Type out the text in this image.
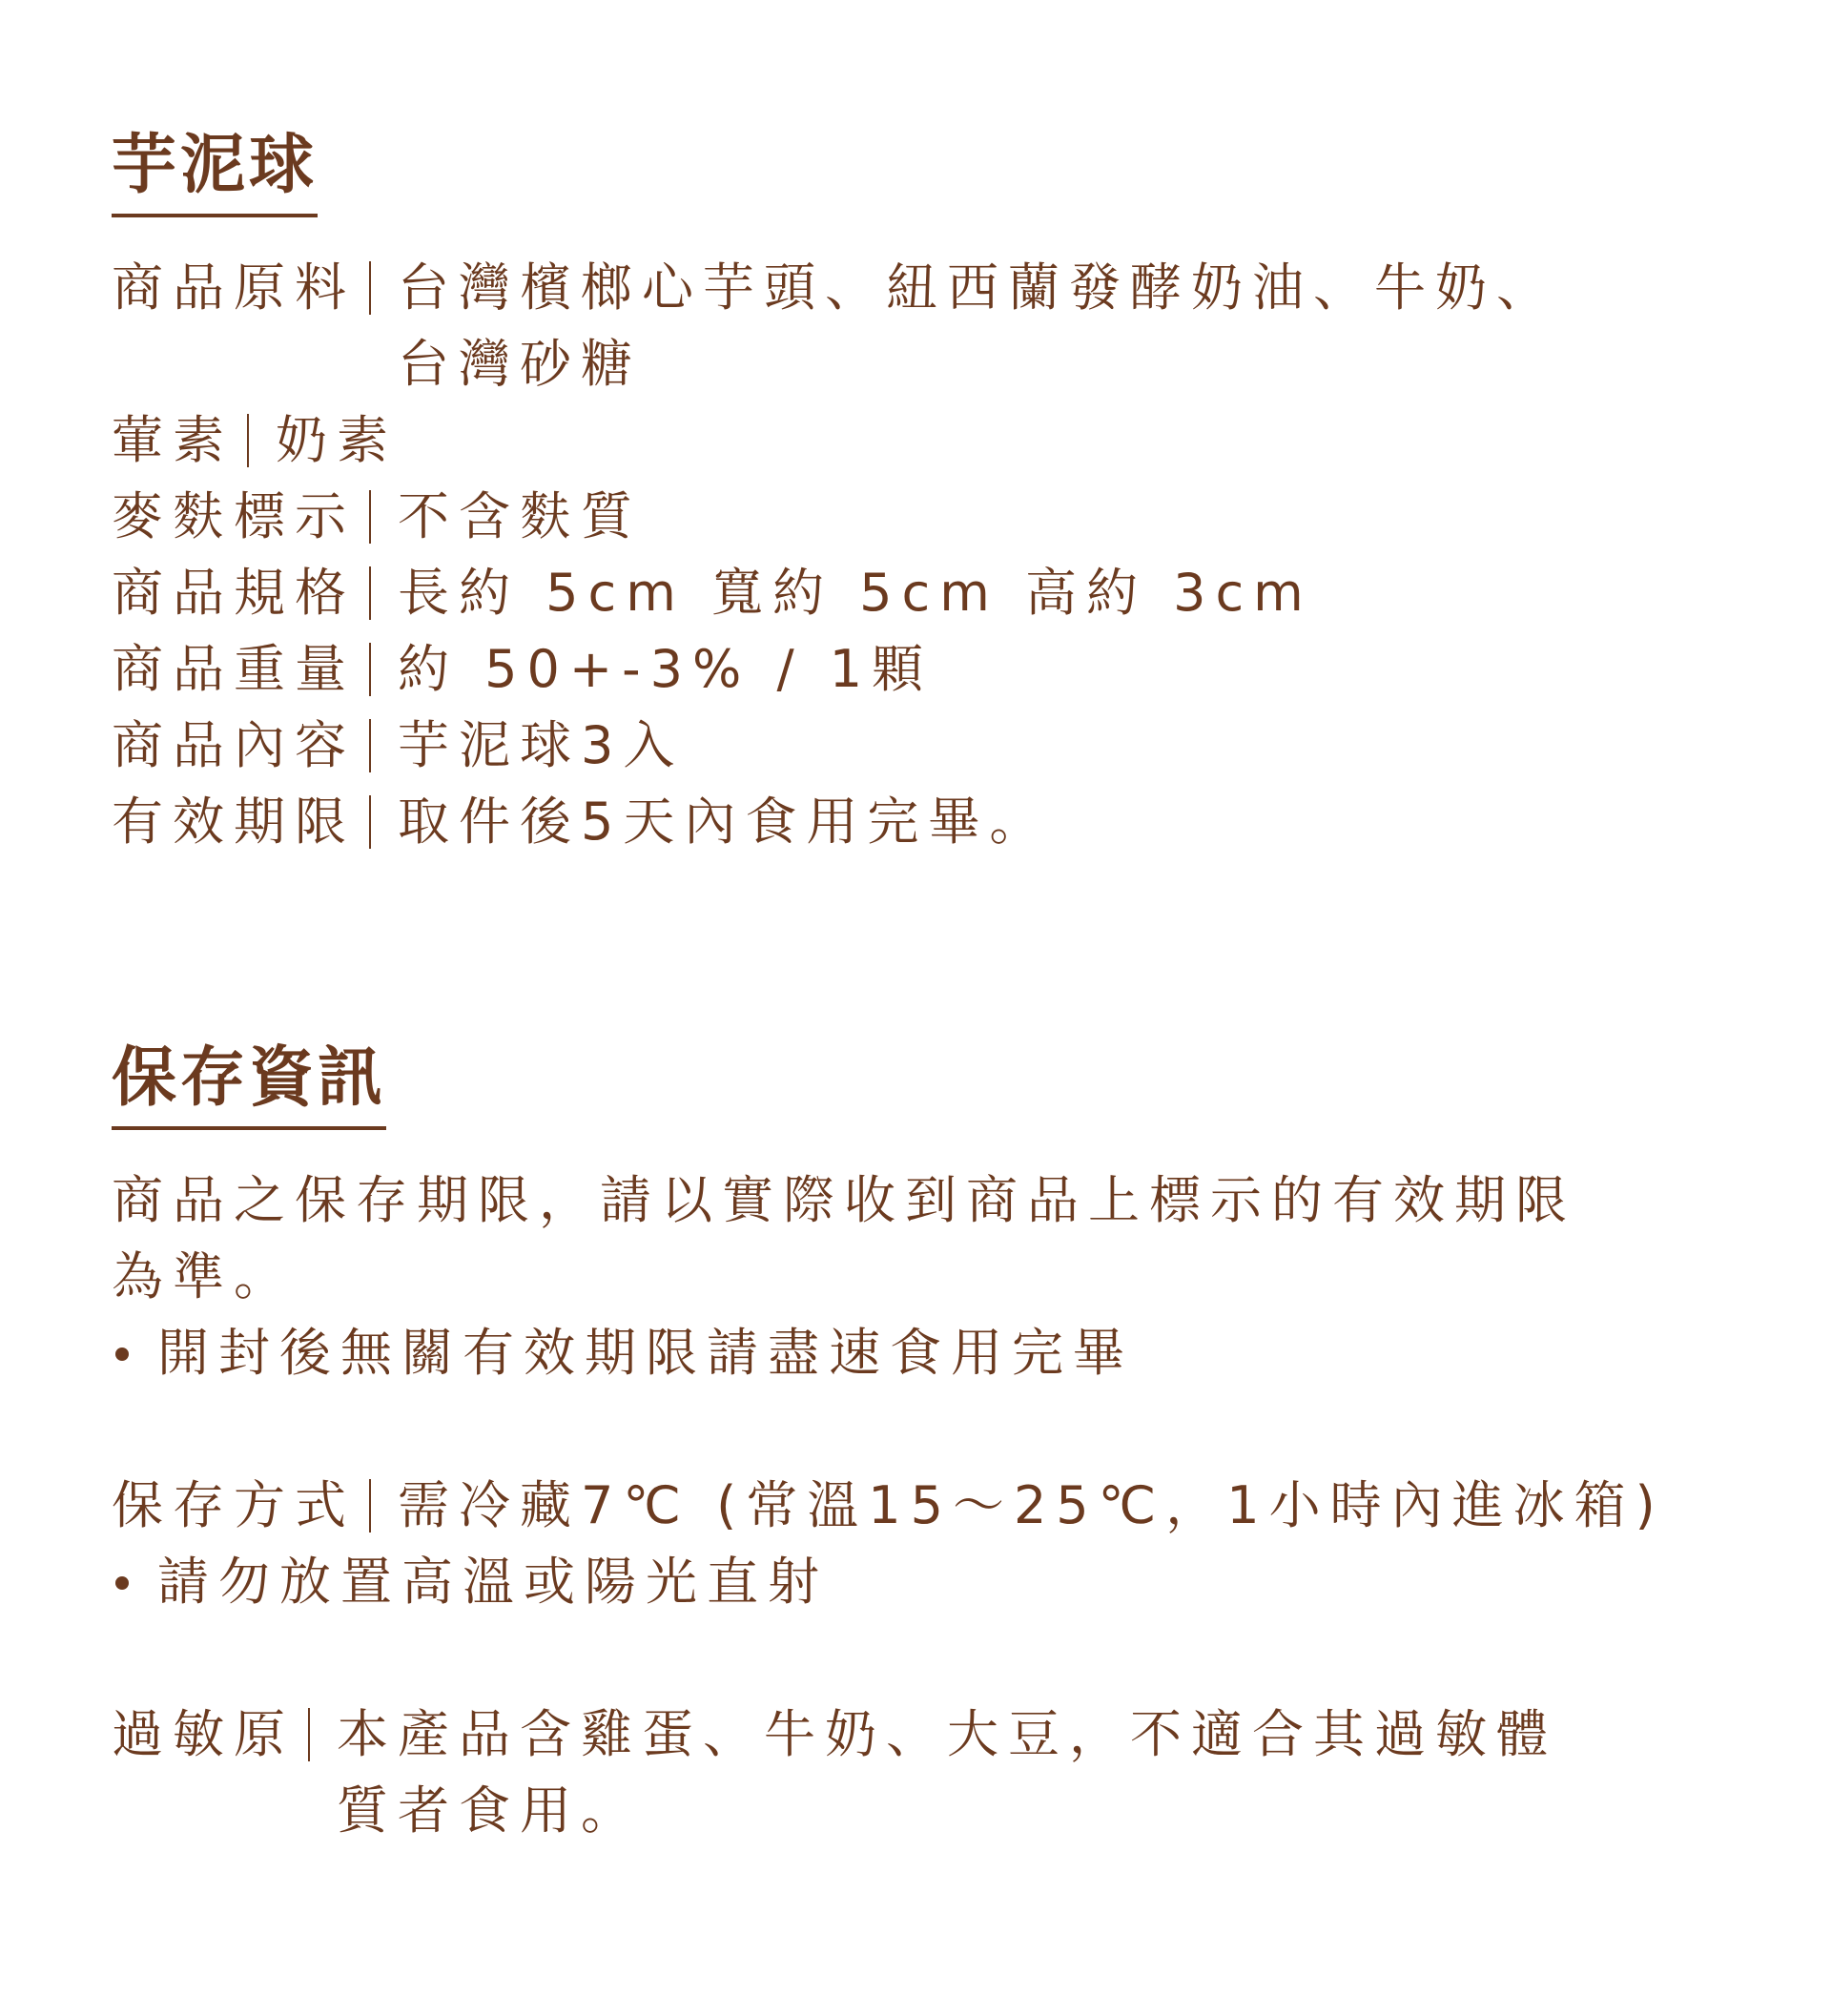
芋泥球
商品原料 台灣檳榔心芋頭、紐西蘭發酵奶油、牛奶、
台灣砂糖
葷素 奶素
麥麩標示 不含麩質
商品規格 長約 5cm 寬約 5cm 高約 3cm
商品重量 約 50+-3% / 1顆
商品內容 芋泥球3入
有效期限 取件後5天內食用完畢。
保存資訊
商品之保存期限，請以實際收到商品上標示的有效期限
為準。
開封後無關有效期限請盡速食用完畢
保存方式 需冷藏7℃ (常溫15～25℃，1小時內進冰箱)
請勿放置高溫或陽光直射
過敏原 本產品含雞蛋、牛奶、大豆，不適合其過敏體
質者食用。
